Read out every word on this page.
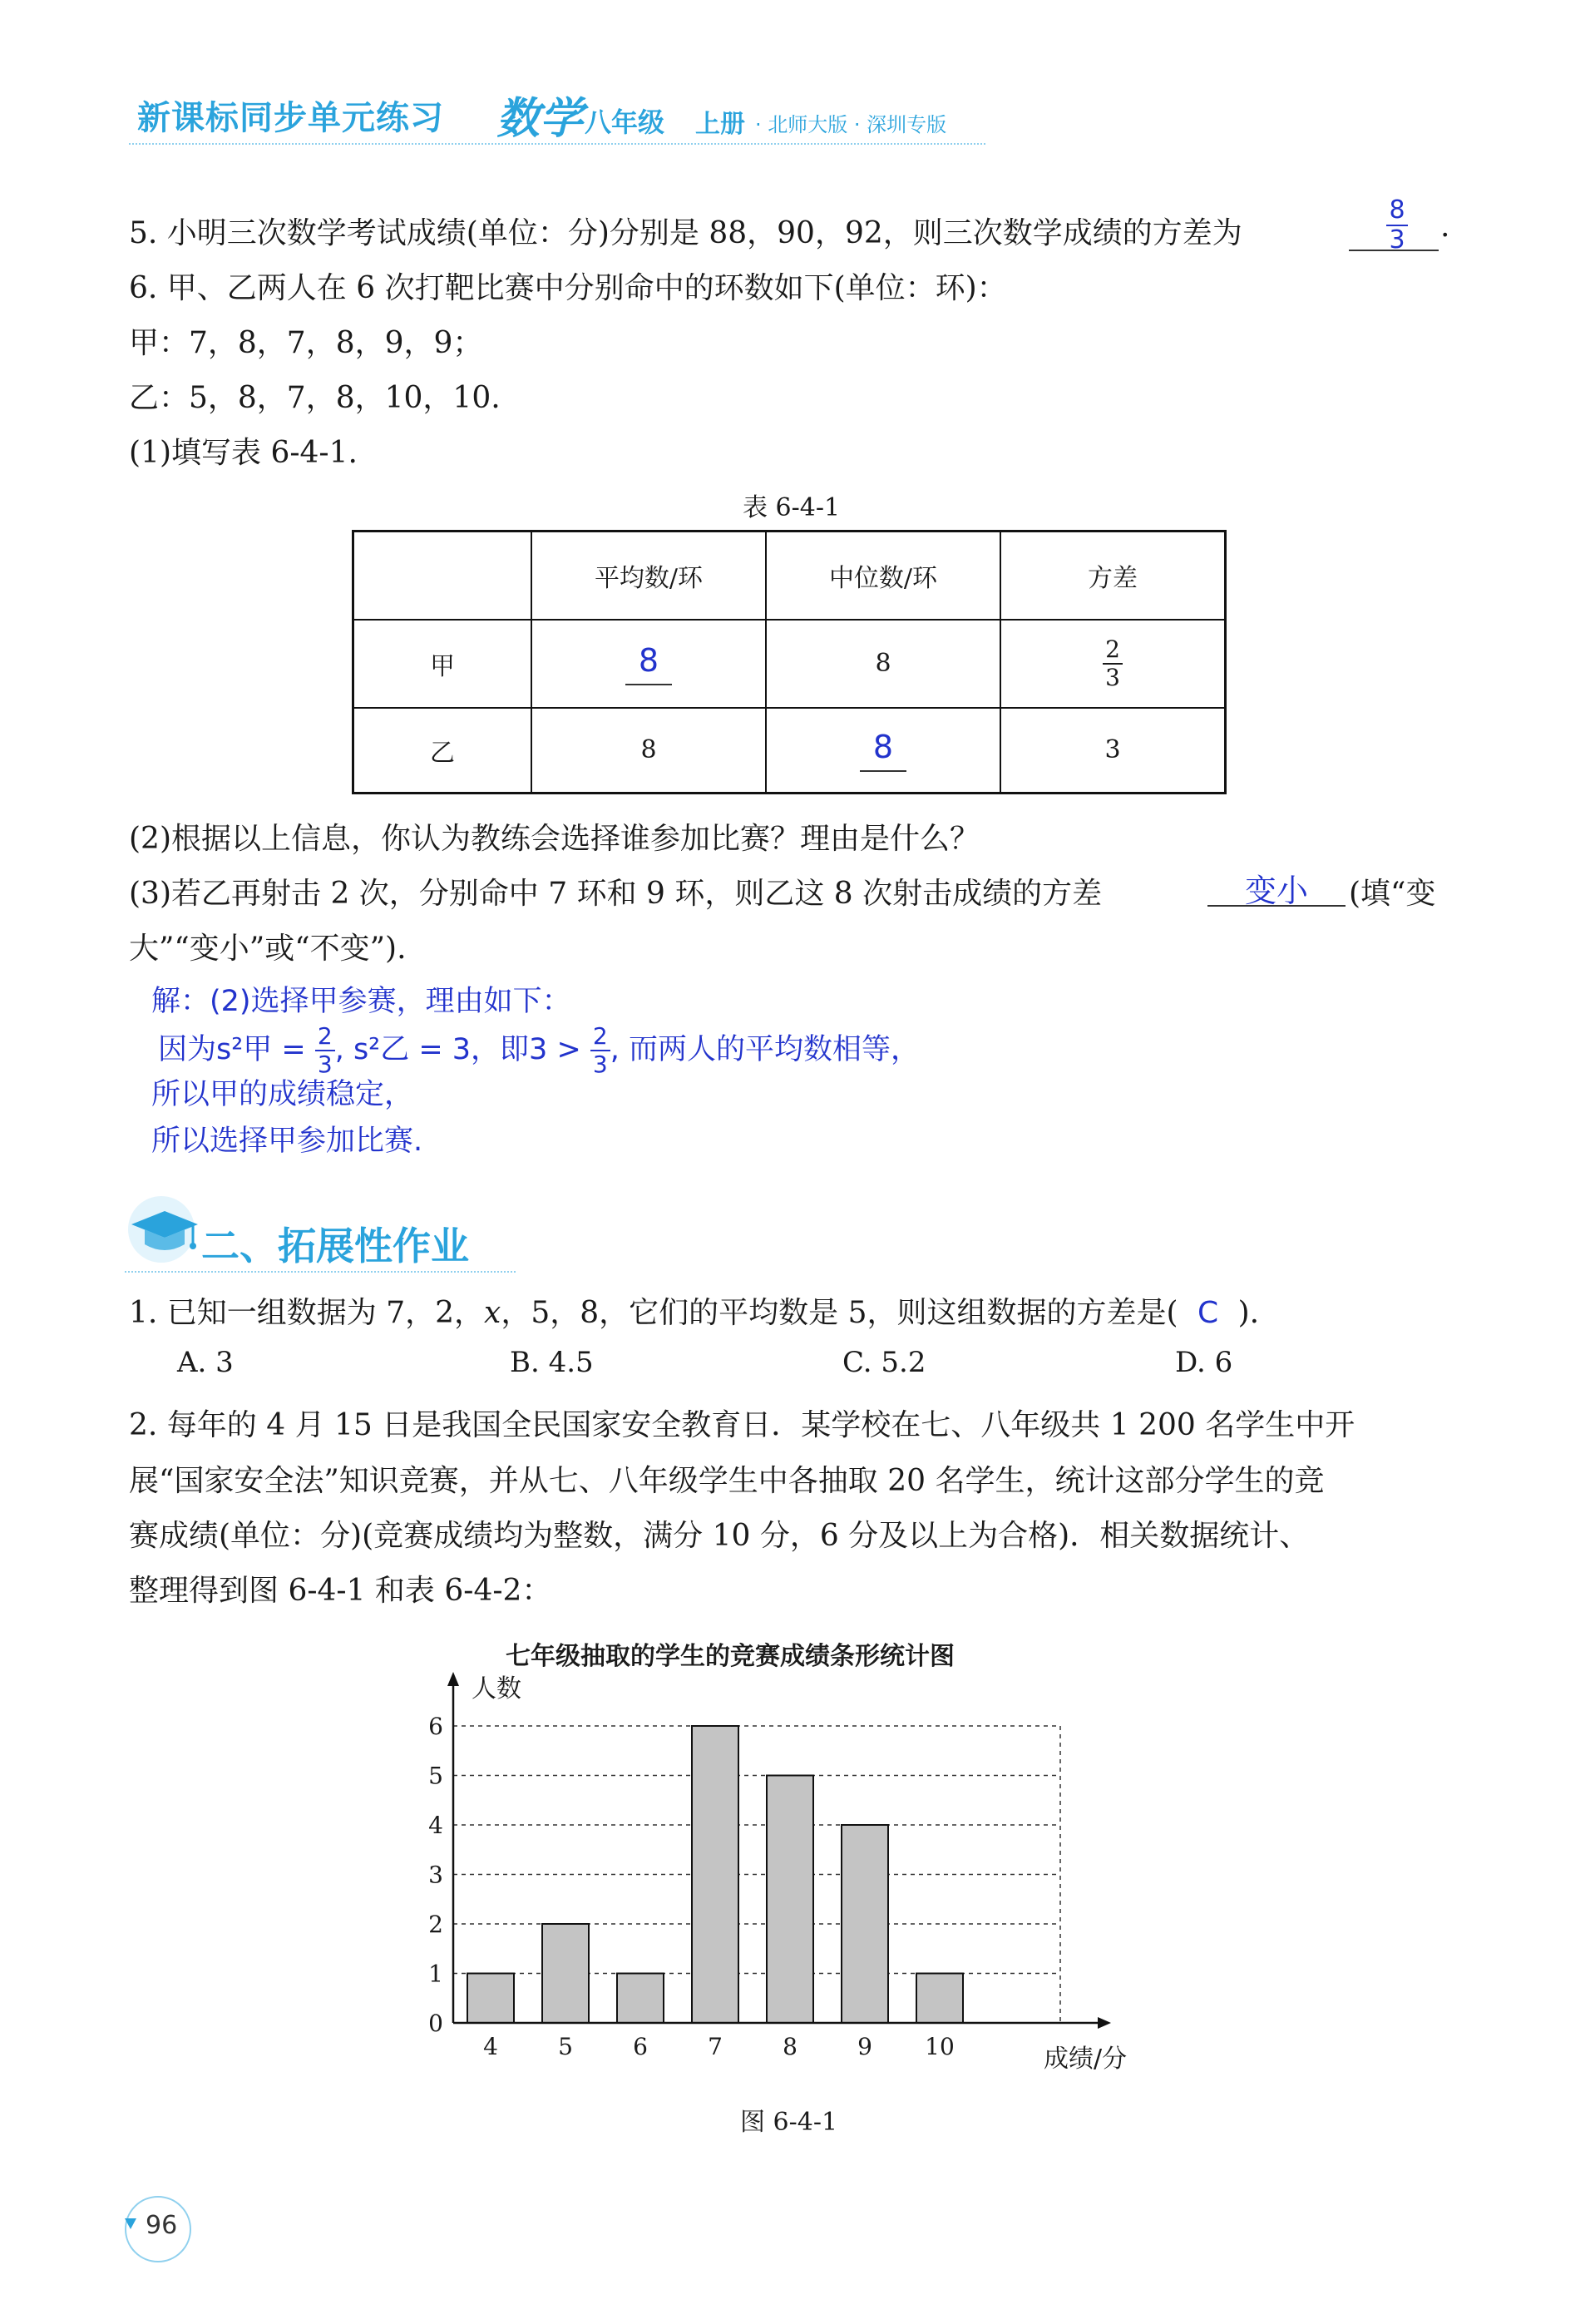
新课标同步单元练习 数学 八年级 上册 · 北师大版 · 深圳专版
5. 小明三次数学考试成绩(单位：分)分别是 88，90，92，则三次数学成绩的方差为	$\frac{8}{3}$ .
6. 甲、乙两人在 6 次打靶比赛中分别命中的环数如下(单位：环)：
甲：7，8，7，8，9，9；
乙：5，8，7，8，10，10.
(1)填写表 6-4-1.
表 6-4-1
	平均数/环	中位数/环	方差
甲	8	8	$\frac{2}{3}$

乙	8	8	3
(2)根据以上信息，你认为教练会选择谁参加比赛？理由是什么？
(3)若乙再射击 2 次，分别命中 7 环和 9 环，则乙这 8 次射击成绩的方差	变小	(填“变
大”“变小”或“不变”).
解：(2)选择甲参赛，理由如下：
因为s²甲 = $\frac{2}{3}$ , s²乙 = 3，即$3 > \frac{2}{3}$ , 而两人的平均数相等，
所以甲的成绩稳定，
所以选择甲参加比赛.
二、拓展性作业
1. 已知一组数据为 7，2，x，5，8，它们的平均数是 5，则这组数据的方差是( C ).
A. 3	B. 4.5	C. 5.2	D. 6
2. 每年的 4 月 15 日是我国全民国家安全教育日．某学校在七、八年级共 1 200 名学生中开
展“国家安全法”知识竞赛，并从七、八年级学生中各抽取 20 名学生，统计这部分学生的竞
赛成绩(单位：分)(竞赛成绩均为整数，满分 10 分，6 分及以上为合格)．相关数据统计、
整理得到图 6-4-1 和表 6-4-2：
七年级抽取的学生的竞赛成绩条形统计图
4	5	6	7	8	9 10
0
1
2
3
4
5
6
人数
成绩/分
图 6-4-1
96
